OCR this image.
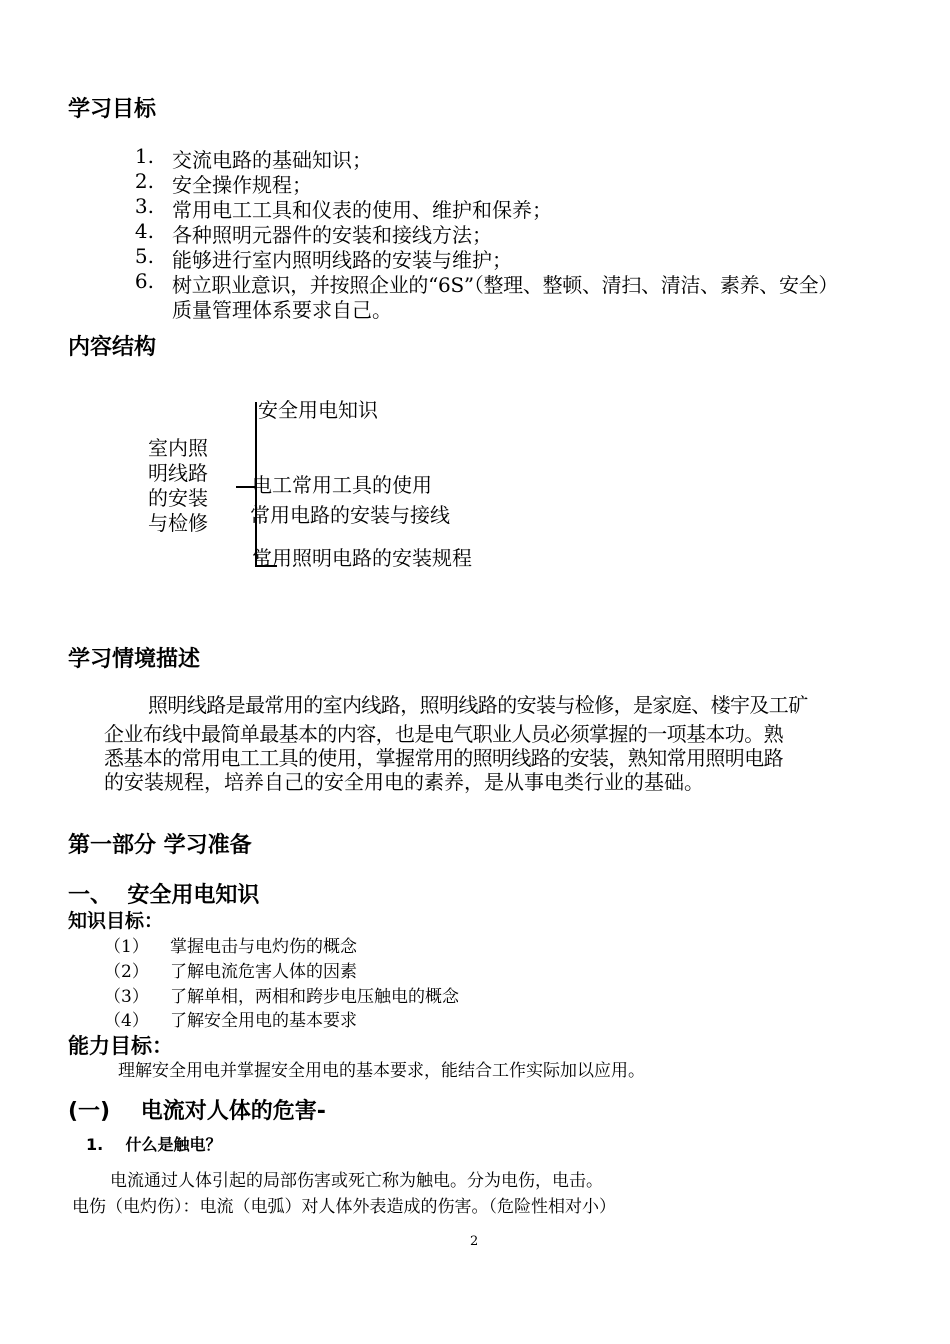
学习目标
1. 交流电路的基础知识；
2. 安全操作规程；
3. 常用电工工具和仪表的使用、维护和保养；
4. 各种照明元器件的安装和接线方法；
5. 能够进行室内照明线路的安装与维护；
6. 树立职业意识，并按照企业的“6S”（整理、整顿、清扫、清洁、素养、安全）
质量管理体系要求自己。
内容结构
室内照
明线路
的安装
与检修
安全用电知识
电工常用工具的使用
常用电路的安装与接线
常用照明电路的安装规程
学习情境描述
照明线路是最常用的室内线路，照明线路的安装与检修，是家庭、楼宇及工矿
企业布线中最简单最基本的内容，也是电气职业人员必须掌握的一项基本功。熟
悉基本的常用电工工具的使用，掌握常用的照明线路的安装，熟知常用照明电路
的安装规程，培养自己的安全用电的素养，是从事电类行业的基础。
第一部分 学习准备
一、  安全用电知识
知识目标：
（1） 掌握电击与电灼伤的概念
（2） 了解电流危害人体的因素
（3） 了解单相，两相和跨步电压触电的概念
（4） 了解安全用电的基本要求
能力目标：
理解安全用电并掌握安全用电的基本要求，能结合工作实际加以应用。
(一)    电流对人体的危害-
1.    什么是触电？
电流通过人体引起的局部伤害或死亡称为触电。分为电伤，电击。
电伤（电灼伤）：电流（电弧）对人体外表造成的伤害。（危险性相对小）
2
